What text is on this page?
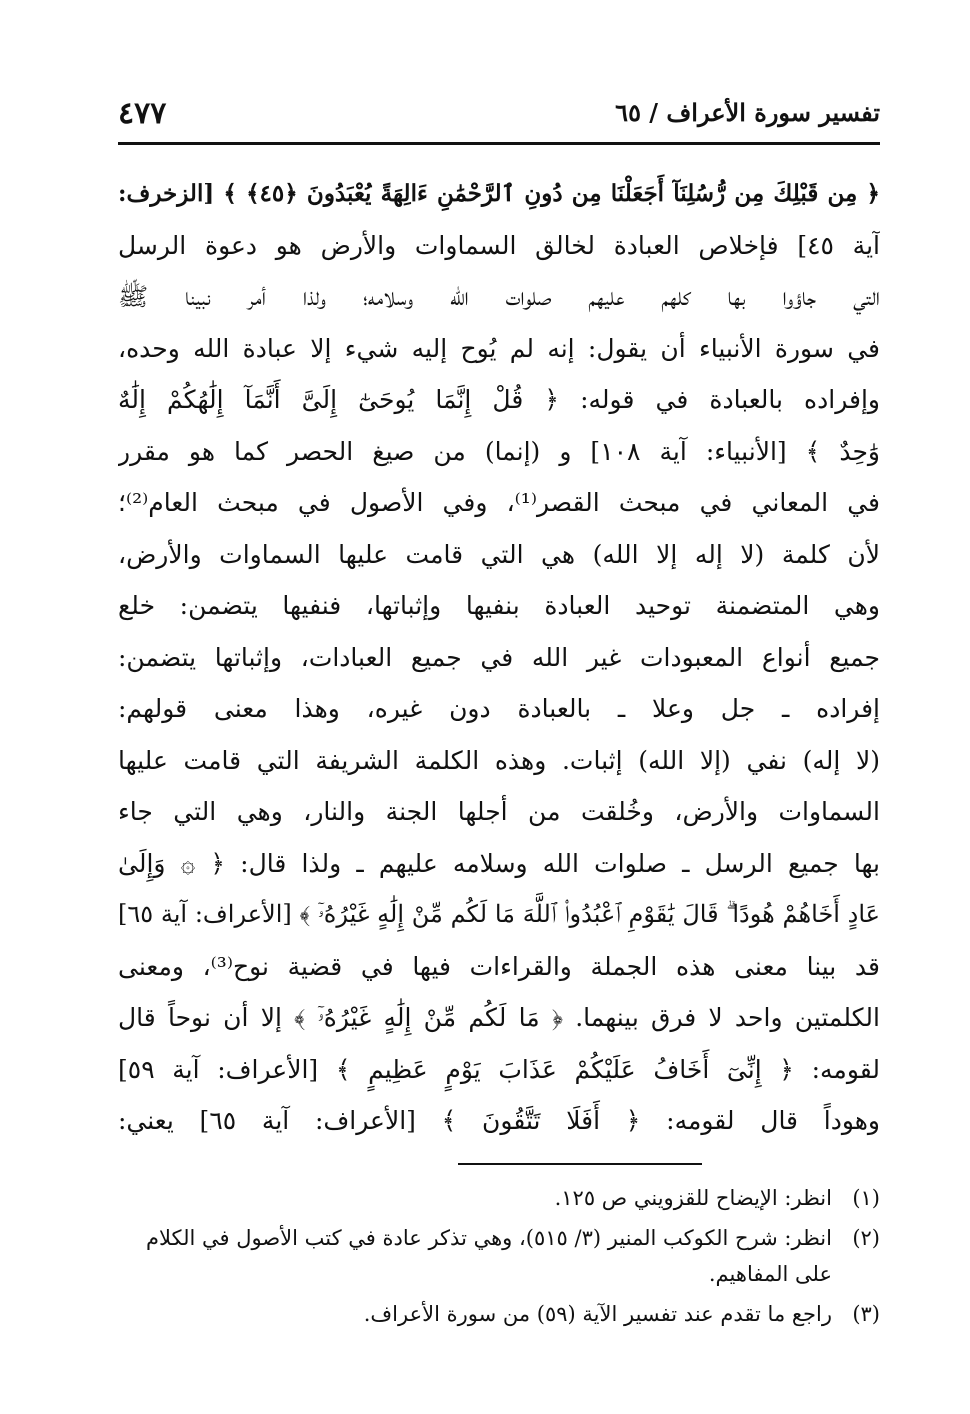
تفسير سورة الأعراف / ٦٥
٤٧٧
﴿ مِن قَبْلِكَ مِن رُّسُلِنَآ أَجَعَلْنَا مِن دُونِ ٱلرَّحْمَٰنِ ءَالِهَةً يُعْبَدُونَ ﴿٤٥﴾ ﴾ [الزخرف:
آية ٤٥] فإخلاص العبادة لخالق السماوات والأرض هو دعوة الرسل
التي جاؤوا بها كلهم عليهم صلوات الله وسلامه؛ ولذا أمر نبينا ﷺ
في سورة الأنبياء أن يقول: إنه لم يُوح إليه شيء إلا عبادة الله وحده،
وإفراده بالعبادة في قوله: ﴿ قُلْ إِنَّمَا يُوحَىٰٓ إِلَىَّ أَنَّمَآ إِلَٰهُكُمْ إِلَٰهٌ
وَٰحِدٌ ﴾ [الأنبياء: آية ١٠٨] و (إنما) من صيغ الحصر كما هو مقرر
في المعاني في مبحث القصر⁽¹⁾، وفي الأصول في مبحث العام⁽²⁾؛
لأن كلمة (لا إله إلا الله) هي التي قامت عليها السماوات والأرض،
وهي المتضمنة توحيد العبادة بنفيها وإثباتها، فنفيها يتضمن: خلع
جميع أنواع المعبودات غير الله في جميع العبادات، وإثباتها يتضمن:
إفراده ـ جل وعلا ـ بالعبادة دون غيره، وهذا معنى قولهم:
(لا إله) نفي (إلا الله) إثبات. وهذه الكلمة الشريفة التي قامت عليها
السماوات والأرض، وخُلقت من أجلها الجنة والنار، وهي التي جاء
بها جميع الرسل ـ صلوات الله وسلامه عليهم ـ ولذا قال: ﴿ ۞ وَإِلَىٰ
عَادٍ أَخَاهُمْ هُودًا ۗ قَالَ يَٰقَوْمِ ٱعْبُدُوا۟ ٱللَّهَ مَا لَكُم مِّنْ إِلَٰهٍ غَيْرُهُۥٓ ﴾ [الأعراف: آية ٦٥]
قد بينا معنى هذه الجملة والقراءات فيها في قضية نوح⁽³⁾، ومعنى
الكلمتين واحد لا فرق بينهما. ﴿ مَا لَكُم مِّنْ إِلَٰهٍ غَيْرُهُۥٓ ﴾ إلا أن نوحاً قال
لقومه: ﴿ إِنِّىٓ أَخَافُ عَلَيْكُمْ عَذَابَ يَوْمٍ عَظِيمٍ ﴾ [الأعراف: آية ٥٩]
وهوداً قال لقومه: ﴿ أَفَلَا تَتَّقُونَ ﴾ [الأعراف: آية ٦٥] يعني:
(١)
انظر: الإيضاح للقزويني ص ١٢٥.
(٢)
انظر: شرح الكوكب المنير (٣/ ٥١٥)، وهي تذكر عادة في كتب الأصول في الكلام على المفاهيم.
(٣)
راجع ما تقدم عند تفسير الآية (٥٩) من سورة الأعراف.
